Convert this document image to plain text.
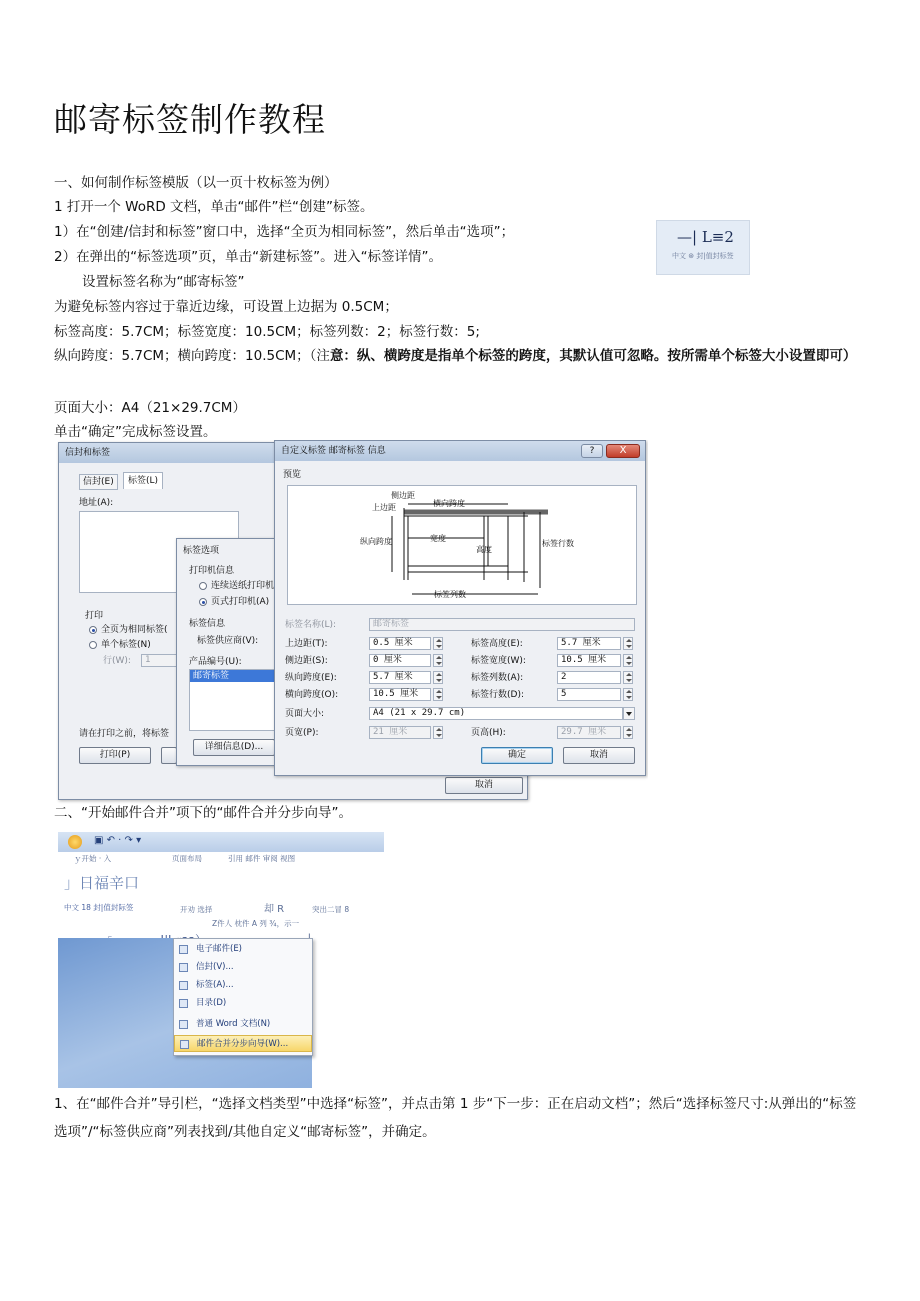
邮寄标签制作教程
一、如何制作标签模版（以一页十枚标签为例）
1 打开一个 WoRD 文档，单击“邮件”栏“创建”标签。
1）在“创建/信封和标签”窗口中，选择“全页为相同标签”，然后单击“选项”；
2）在弹出的“标签选项”页，单击“新建标签”。进入“标签详情”。
设置标签名称为“邮寄标签”
为避免标签内容过于靠近边缘，可设置上边据为 0.5CM；
标签高度：5.7CM；标签宽度：10.5CM；标签列数：2；标签行数：5;
纵向跨度：5.7CM；横向跨度：10.5CM；（注意：纵、横跨度是指单个标签的跨度，其默认值可忽略。按所需单个标签大小设置即可）
页面大小：A4（21×29.7CM）
单击“确定”完成标签设置。
—| L≡2
中文 ⊛ 封|值封标签
信封和标签
信封(E)	标签(L)
地址(A):
打印
全页为相同标签(
单个标签(N)
行(W):	1
请在打印之前，将标签
打印(P)
取消
标签选项
打印机信息
连续送纸打印机
页式打印机(A)
标签信息
标签供应商(V):
产品编号(U):
邮寄标签
详细信息(D)...
自定义标签 邮寄标签 信息	?	X
预览
侧边距
上边距	横向跨度
纵向跨度	宽度
高度
标签行数
标签列数
标签名称(L):	邮寄标签
上边距(T):	0.5 厘米	标签高度(E):	5.7 厘米
侧边距(S):	0 厘米	标签宽度(W):	10.5 厘米
纵向跨度(E):	5.7 厘米	标签列数(A):	2
横向跨度(O):	10.5 厘米	标签行数(D):	5
页面大小:	A4 (21 x 29.7 cm)
页宽(P):	21 厘米	页高(H):	29.7 厘米
确定	取消
二、“开始邮件合并”项下的“邮件合并分步向导”。
▣ ↶ · ↷ ▾
ｙ开始 · 入	页面布局	引用 邮件 审阅 视图
」日福辛口
中文 18 封|值封际签	开劝 选择	却 R	突出二冒 8
Z件人 枕件 A 列 ¾，示一
电子邮件(E)
信封(V)...
标签(A)...
目录(D)
普通 Word 文档(N)
邮件合并分步向导(W)...
1、在“邮件合并”导引栏，“选择文档类型”中选择“标签”，并点击第 1 步“下一步：正在启动文档”；然后“选择标签尺寸:从弹出的“标签选项”/“标签供应商”列表找到/其他自定义“邮寄标签”，并确定。
